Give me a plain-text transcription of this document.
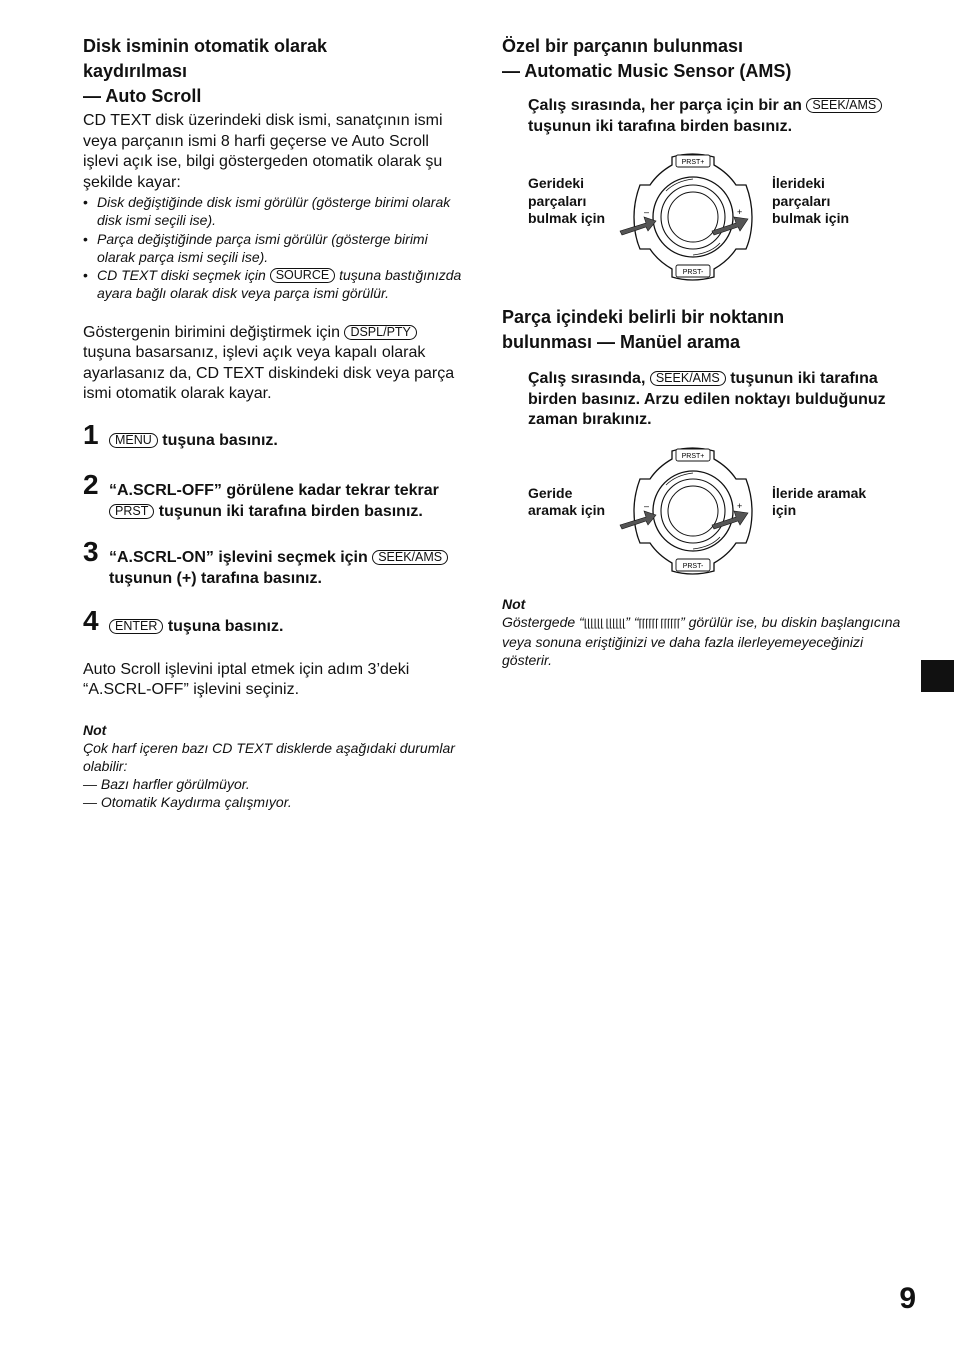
Disk isminin otomatik olarak
kaydırılması
— Auto Scroll

CD TEXT disk üzerindeki disk ismi, sanatçının ismi veya parçanın ismi 8 harfi geçerse ve Auto Scroll işlevi açık ise, bilgi göstergeden otomatik olarak şu şekilde kayar:

• Disk değiştiğinde disk ismi görülür (gösterge birimi olarak disk ismi seçili ise).
• Parça değiştiğinde parça ismi görülür (gösterge birimi olarak parça ismi seçili ise).
• CD TEXT diski seçmek için SOURCE tuşuna bastığınızda ayara bağlı olarak disk veya parça ismi görülür.

Göstergenin birimini değiştirmek için DSPL/PTY tuşuna basarsanız, işlevi açık veya kapalı olarak ayarlasanız da, CD TEXT diskindeki disk veya parça ismi otomatik olarak kayar.

1 MENU tuşuna basınız.
2 “A.SCRL-OFF” görülene kadar tekrar tekrar PRST tuşunun iki tarafına birden basınız.
3 “A.SCRL-ON” işlevini seçmek için SEEK/AMS tuşunun (+) tarafına basınız.
4 ENTER tuşuna basınız.

Auto Scroll işlevini iptal etmek için adım 3’deki “A.SCRL-OFF” işlevini seçiniz.

Not

Çok harf içeren bazı CD TEXT disklerde aşağıdaki durumlar olabilir:

— Bazı harfler görülmüyor.

— Otomatik Kaydırma çalışmıyor.

Özel bir parçanın bulunması
— Automatic Music Sensor (AMS)
Çalış sırasında, her parça için bir an SEEK/AMS tuşunun iki tarafına birden basınız.
Gerideki
parçaları
bulmak için
PRST+
PRST-
–	+
İlerideki
parçaları
bulmak için
Parça içindeki belirli bir noktanın
bulunması — Manüel arama
Çalış sırasında, SEEK/AMS tuşunun iki tarafına birden basınız. Arzu edilen noktayı bulduğunuz zaman bırakınız.
Geride
aramak için
PRST+
PRST-
–	+
İleride aramak
için

Not

Göstergede “⌊⌊⌊⌊⌊⌊ ⌊⌊⌊⌊⌊⌊” “⌈⌈⌈⌈⌈⌈ ⌈⌈⌈⌈⌈⌈” görülür ise, bu diskin başlangıcına veya sonuna eriştiğinizi ve daha fazla ilerleyemeyeceğinizi gösterir.

9
